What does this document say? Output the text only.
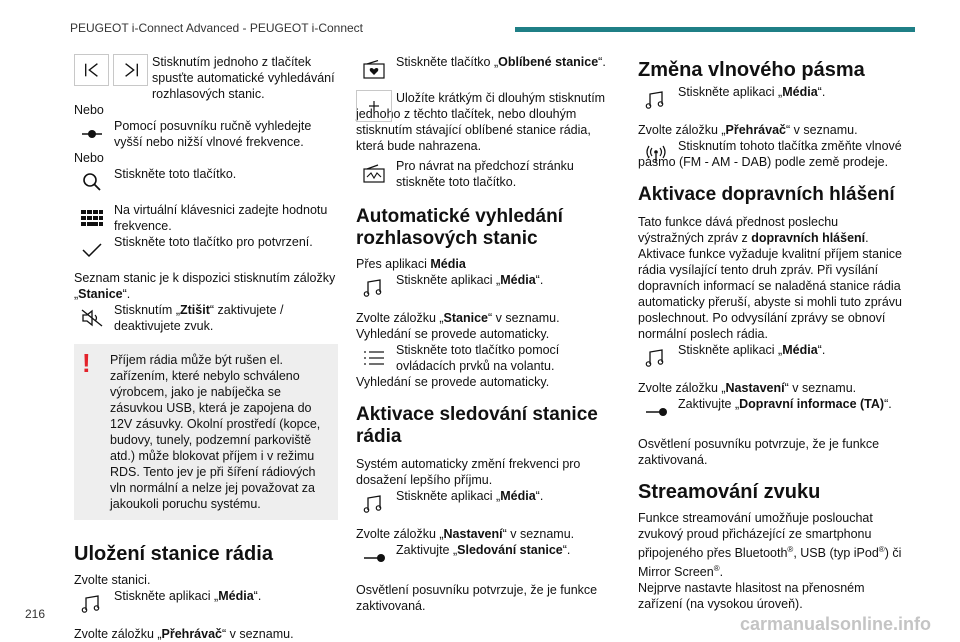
PEUGEOT i-Connect Advanced - PEUGEOT i-Connect
Stisknutím jednoho z tlačítek spusťte automatické vyhledávání rozhlasových stanic.

Nebo

Pomocí posuvníku ručně vyhledejte vyšší nebo nižší vlnové frekvence.

Nebo

Stiskněte toto tlačítko.
Na virtuální klávesnici zadejte hodnotu frekvence.
Stiskněte toto tlačítko pro potvrzení.

Seznam stanic je k dispozici stisknutím záložky „Stanice“.

Stisknutím „Ztišit“ zaktivujete / deaktivujete zvuk.
!	Příjem rádia může být rušen el. zařízením, které nebylo schváleno výrobcem, jako je nabíječka se zásuvkou USB, která je zapojena do 12V zásuvky. Okolní prostředí (kopce, budovy, tunely, podzemní parkoviště atd.) může blokovat příjem i v režimu RDS. Tento jev je při šíření rádiových vln normální a nelze jej považovat za jakoukoli poruchu systému.
Uložení stanice rádia

Zvolte stanici.

Stiskněte aplikaci „Média“.

Zvolte záložku „Přehrávač“ v seznamu.

Stiskněte tlačítko „Oblíbené stanice“.

Uložíte krátkým či dlouhým stisknutím jednoho z těchto tlačítek, nebo dlouhým stisknutím stávající oblíbené stanice rádia, která bude nahrazena.

Pro návrat na předchozí stránku stiskněte toto tlačítko.
Automatické vyhledání rozhlasových stanic

Přes aplikaci Média

Stiskněte aplikaci „Média“.

Zvolte záložku „Stanice“ v seznamu.

Vyhledání se provede automaticky.

Stiskněte toto tlačítko pomocí ovládacích prvků na volantu.

Vyhledání se provede automaticky.

Aktivace sledování stanice rádia

Systém automaticky změní frekvenci pro dosažení lepšího příjmu.

Stiskněte aplikaci „Média“.

Zvolte záložku „Nastavení“ v seznamu.

Zaktivujte „Sledování stanice“.

Osvětlení posuvníku potvrzuje, že je funkce zaktivovaná.

Změna vlnového pásma
Stiskněte aplikaci „Média“.

Zvolte záložku „Přehrávač“ v seznamu.

Stisknutím tohoto tlačítka změňte vlnové pásmo (FM - AM - DAB) podle země prodeje.

Aktivace dopravních hlášení

Tato funkce dává přednost poslechu výstražných zpráv z dopravních hlášení. Aktivace funkce vyžaduje kvalitní příjem stanice rádia vysílající tento druh zpráv. Při vysílání dopravních informací se naladěná stanice rádia automaticky přeruší, abyste si mohli tuto zprávu poslechnout. Po odvysílání zprávy se obnoví normální poslech rádia.

Stiskněte aplikaci „Média“.

Zvolte záložku „Nastavení“ v seznamu.

Zaktivujte „Dopravní informace (TA)“.

Osvětlení posuvníku potvrzuje, že je funkce zaktivovaná.

Streamování zvuku

Funkce streamování umožňuje poslouchat zvukový proud přicházející ze smartphonu připojeného přes Bluetooth®, USB (typ iPod®) či Mirror Screen®.
Nejprve nastavte hlasitost na přenosném zařízení (na vysokou úroveň).

216	carmanualsonline.info
